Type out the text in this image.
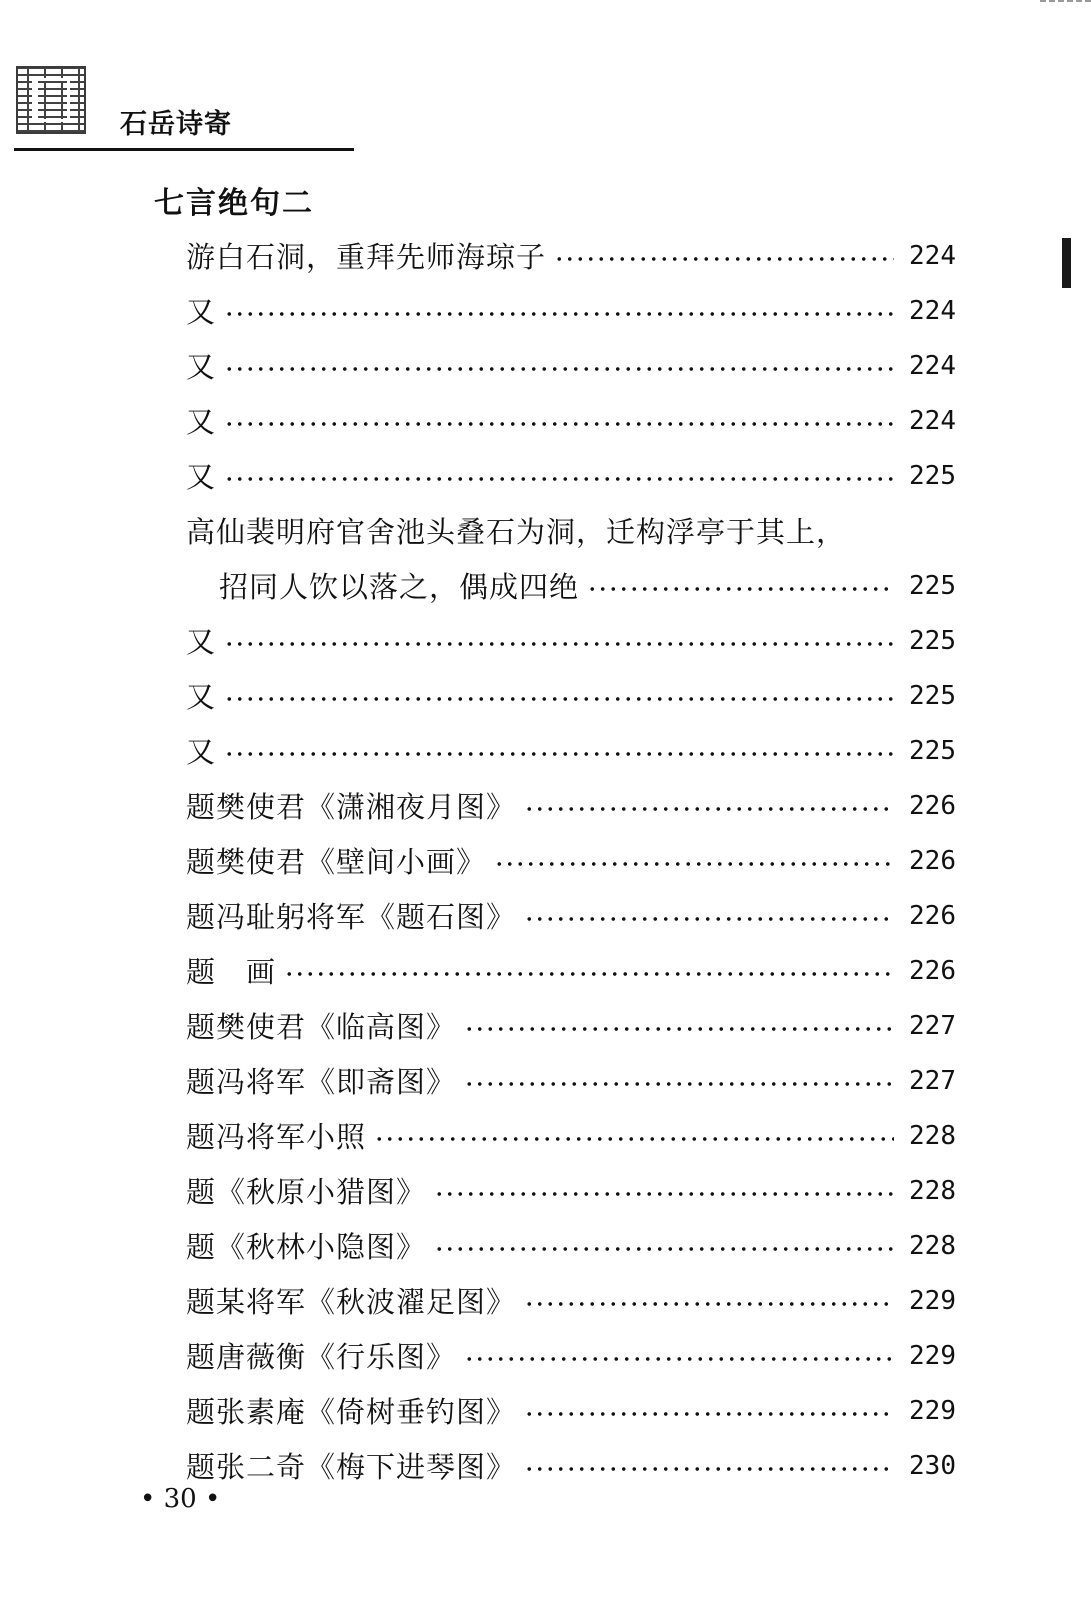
石岳诗寄
七言绝句二
游白石洞，重拜先师海琼子	224
又	224
又	224
又	224
又	225
高仙裴明府官舍池头叠石为洞，迁构浮亭于其上，
招同人饮以落之，偶成四绝	225
又	225
又	225
又	225
题樊使君《潇湘夜月图》	226
题樊使君《壁间小画》	226
题冯耻躬将军《题石图》	226
题　画	226
题樊使君《临高图》	227
题冯将军《即斋图》	227
题冯将军小照	228
题《秋原小猎图》	228
题《秋林小隐图》	228
题某将军《秋波濯足图》	229
题唐薇衡《行乐图》	229
题张素庵《倚树垂钓图》	229
题张二奇《梅下进琴图》	230
• 30 •
